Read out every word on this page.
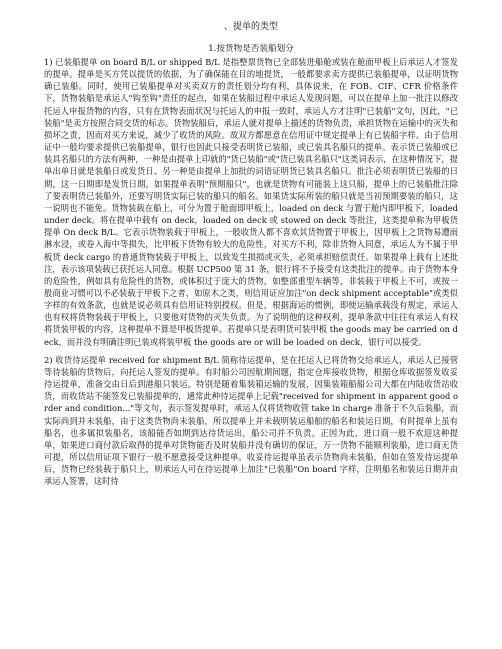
、提单的类型
1.按货物是否装船划分

1) 已装船提单 on board B/L or shipped B/L 是指整票货物已全部装进船舱或装在舱面甲板上后承运人才签发的提单。提单是买方凭以提货的依据，为了确保能在目的地提货，一般都要求卖方提供已装船提单，以证明货物确已装船。同时，使用已装船提单对买卖双方的责任划分均有利，具体说来，在 FOB、CIF、CFR 价格条件下，货物装船是承运人"钩至钩"责任的起点，如果在装船过程中承运人发现问题，可以在提单上加一批注以修改托运人申报货物的内容，只有在货物表面状况与托运人的申报一致时，承运人方才注明"已装船"文句，因此，"已装船"是卖方按照合同交货的标志。货物装船后，承运人就对提单上描述的货物负责，承担货物在运输中的灭失和损坏之责，因而对买方来说，减少了收货的风险。故双方都愿意在信用证中规定提单上有已装船字样。由于信用证中一般均要求提供已装船提单，银行也因此只接受表明货已装船，或已装具名船只的提单。表示货已装船或已装具名船只的方法有两种，一种是由提单上印就的"货已装船"或"货已装具名船只"这类词表示，在这种情况下，提单出单日就是装船日或发货日。另一种是由提单上加批的词语证明货已装具名船只。批注必须表明货已装船的日期，这一日期即是发货日期。如果提单表明"预期船只"，也就是货物有可能装上这只船，提单上的已装船批注除了要表明货已装船外，还要写明货实际已装的船只的船名。如果货实际所装的船只就是当初预期要装的船只，这一说明也不能免。货物装载在船上，可分为置于舱面即甲板上，loaded on deck 与置于舱内即甲板下，loaded under deck。将在提单中载有 on deck，loaded on deck 或 stowed on deck 等批注，这类提单称为甲板货提单 On deck B/L。它表示货物装载于甲板上，一般收货人都不喜欢其货物置于甲板上，因甲板上之货物易遭雨淋水浸，或卷入海中等损失，比甲板下货物有较大的危险性，对买方不利，除非货物入同意，承运人为不属于甲板货 deck cargo 的普通货物装载于甲板上，以致发生损损或灭失，必须承担赔偿责任。如果提单上载有上述批注，表示该项装载已获托运人同意。根据 UCP500 第 31 条，银行将不予接受有这类批注的提单。由于货物本身的危险性，例如具有危险性的货物，或体积过于庞大的货物，如整部重型车辆等，非装载于甲板上不可，或按一般商业习惯可以不必装载于甲板下之者，如原木之类，则信用证应加注"on deck shipment acceptable"或类似字样的有效条款，也就是说必须具有信用证特别授权。但是，根据海运的惯例，即使运输承载没有规定，承运人也有权将货物装载于甲板上，只要他对货物的灭失负责。为了说明他的这种权利，提单条款中往往有承运人有权将货装甲板的内容，这种提单不算是甲板货提单。若提单只是表明货可装甲板 the goods may be carried on deck，而并没有明确注明已装或将装甲板 the goods are or will be loaded on deck，银行可以接受。

2) 收货待运提单 received for shipment B/L 简称待运提单，是在托运人已将货物交给承运人，承运人已接管等待装船的货物后，向托运人签发的提单。有时船公司因航期间题，指定仓库接收货物，根据仓库收据签发收妥待运提单，准备交由日后到港船只装运。特别是随着集装箱运输的发展，因集装箱船船公司大都在内陆收货站收货，而收货站不能签发已装船提单的，通常此种待运提单上记载"received for shipment in apparent good order and condition..."等文句，表示签发提单时，承运人仅将货物收管 take in charge 准备于不久后装船，而实际尚到并未装船，由于这类货物尚未装船，所以提单上并未载明装运船舶的船名和装运日期，有时提单上虽有船名，也多属拟装船名，该船能否如期到达待货运出，船公司并不负责。正因为此，进口商一般不欢迎这种提单，如果进口商付款后取得的提单对货物能否及时装船并没有确切的保证，万一货物不能顺利装船，进口商无货可提，所以信用证项下银行一般不愿意接受这种提单。收妥待运提单虽表示货物尚未装船，但如在签发待运提单后，货物已经装载于船只上，则承运人可在待运提单上加注"已装船"On board 字样，注明船名和装运日期并由承运人签署，这时待
